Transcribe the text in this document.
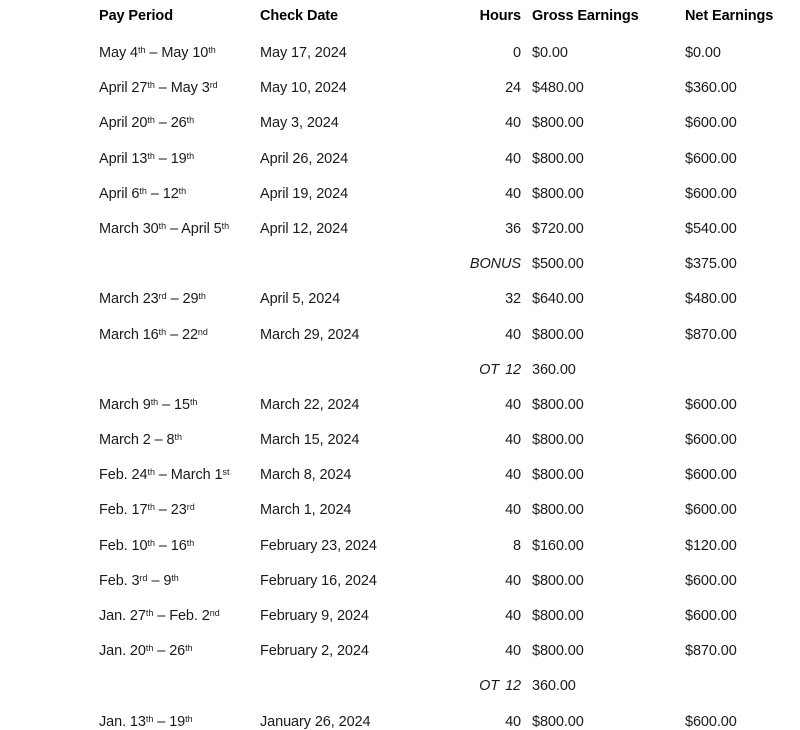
Pay Period	Check Date	Hours	Gross Earnings	Net Earnings
May 4th – May 10th	May 17, 2024	0	$0.00	$0.00
April 27th – May 3rd	May 10, 2024	24	$480.00	$360.00
April 20th – 26th	May 3, 2024	40	$800.00	$600.00
April 13th – 19th	April 26, 2024	40	$800.00	$600.00
April 6th – 12th	April 19, 2024	40	$800.00	$600.00
March 30th – April 5th	April 12, 2024	36	$720.00	$540.00
		BONUS	$500.00	$375.00
March 23rd – 29th	April 5, 2024	32	$640.00	$480.00
March 16th – 22nd	March 29, 2024	40	$800.00	$870.00
		OT 12	360.00	
March 9th – 15th	March 22, 2024	40	$800.00	$600.00
March 2 – 8th	March 15, 2024	40	$800.00	$600.00
Feb. 24th – March 1st	March 8, 2024	40	$800.00	$600.00
Feb. 17th – 23rd	March 1, 2024	40	$800.00	$600.00
Feb. 10th – 16th	February 23, 2024	8	$160.00	$120.00
Feb. 3rd – 9th	February 16, 2024	40	$800.00	$600.00
Jan. 27th – Feb. 2nd	February 9, 2024	40	$800.00	$600.00
Jan. 20th – 26th	February 2, 2024	40	$800.00	$870.00
		OT 12	360.00	
Jan. 13th – 19th	January 26, 2024	40	$800.00	$600.00
